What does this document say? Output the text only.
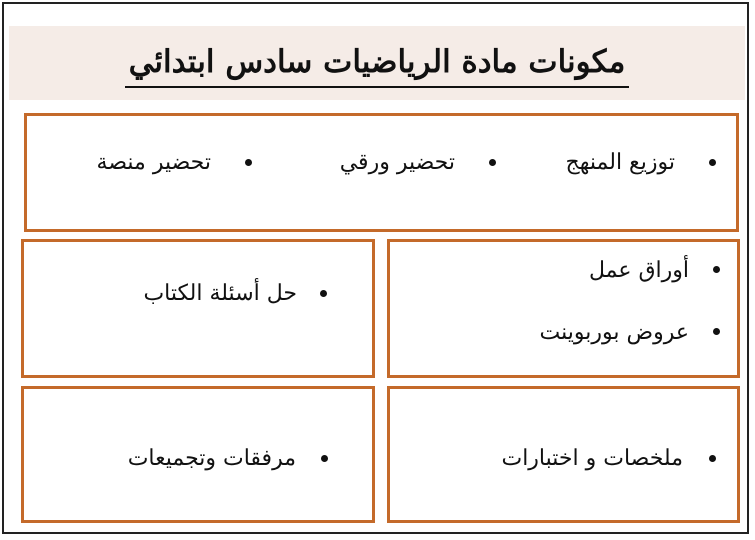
مكونات مادة الرياضيات سادس ابتدائي
توزيع المنهج
تحضير ورقي
تحضير منصة
أوراق عمل
عروض بوربوينت
حل أسئلة الكتاب
ملخصات و اختبارات
مرفقات وتجميعات
